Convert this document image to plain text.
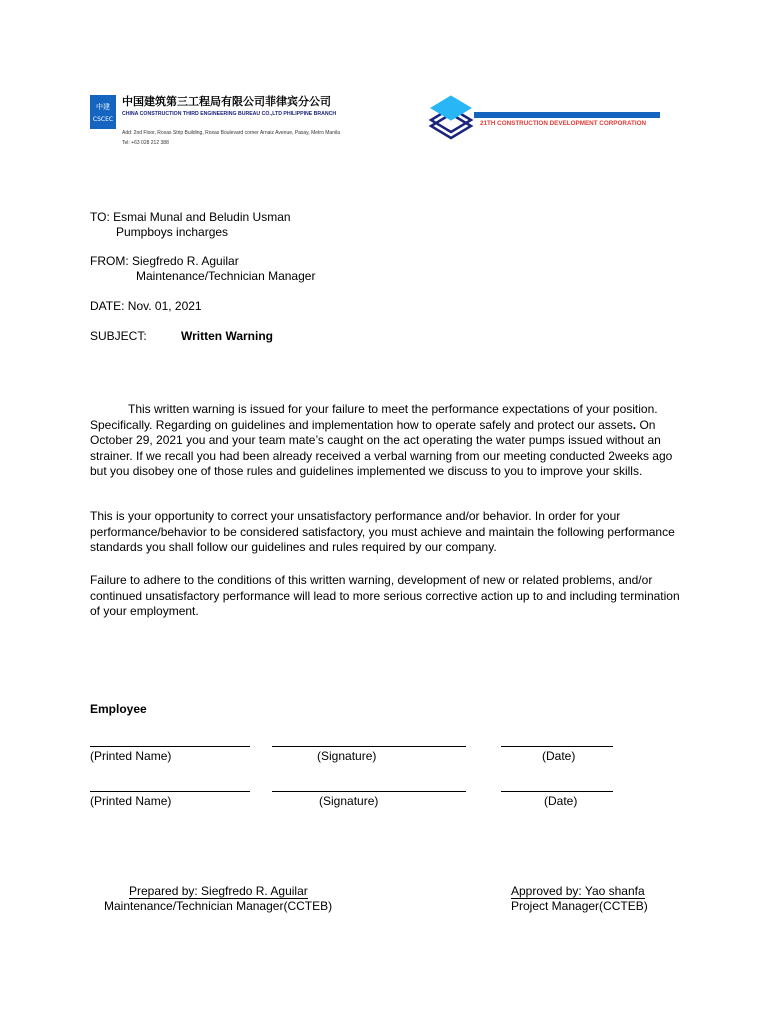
中建
CSCEC
中国建筑第三工程局有限公司菲律宾分公司
CHINA CONSTRUCTION THIRD ENGINEERING BUREAU CO.,LTD PHILIPPINE BRANCH
Add: 2nd Floor, Roxas Strip Building, Roxas Boulevard corner Arnaiz Avenue, Pasay, Metro Manila
Tel: +63 028 212 388
21TH CONSTRUCTION DEVELOPMENT CORPORATION
TO: Esmai Munal and Beludin Usman
Pumpboys incharges
FROM: Siegfredo R. Aguilar
Maintenance/Technician Manager
DATE: Nov. 01, 2021
SUBJECT:	Written Warning
This written warning is issued for your failure to meet the performance expectations of your position. Specifically. Regarding on guidelines and implementation how to operate safely and protect our assets. On October 29, 2021 you and your team mate’s caught on the act operating the water pumps issued without an strainer. If we recall you had been already received a verbal warning from our meeting conducted 2weeks ago but you disobey one of those rules and guidelines implemented we discuss to you to improve your skills.
This is your opportunity to correct your unsatisfactory performance and/or behavior. In order for your performance/behavior to be considered satisfactory, you must achieve and maintain the following performance standards you shall follow our guidelines and rules required by our company.
Failure to adhere to the conditions of this written warning, development of new or related problems, and/or continued unsatisfactory performance will lead to more serious corrective action up to and including termination of your employment.
Employee
(Printed Name)	(Signature)	(Date)
(Printed Name)	(Signature)	(Date)
Prepared by: Siegfredo R. Aguilar
Maintenance/Technician Manager(CCTEB)
Approved by: Yao shanfa
Project Manager(CCTEB)
